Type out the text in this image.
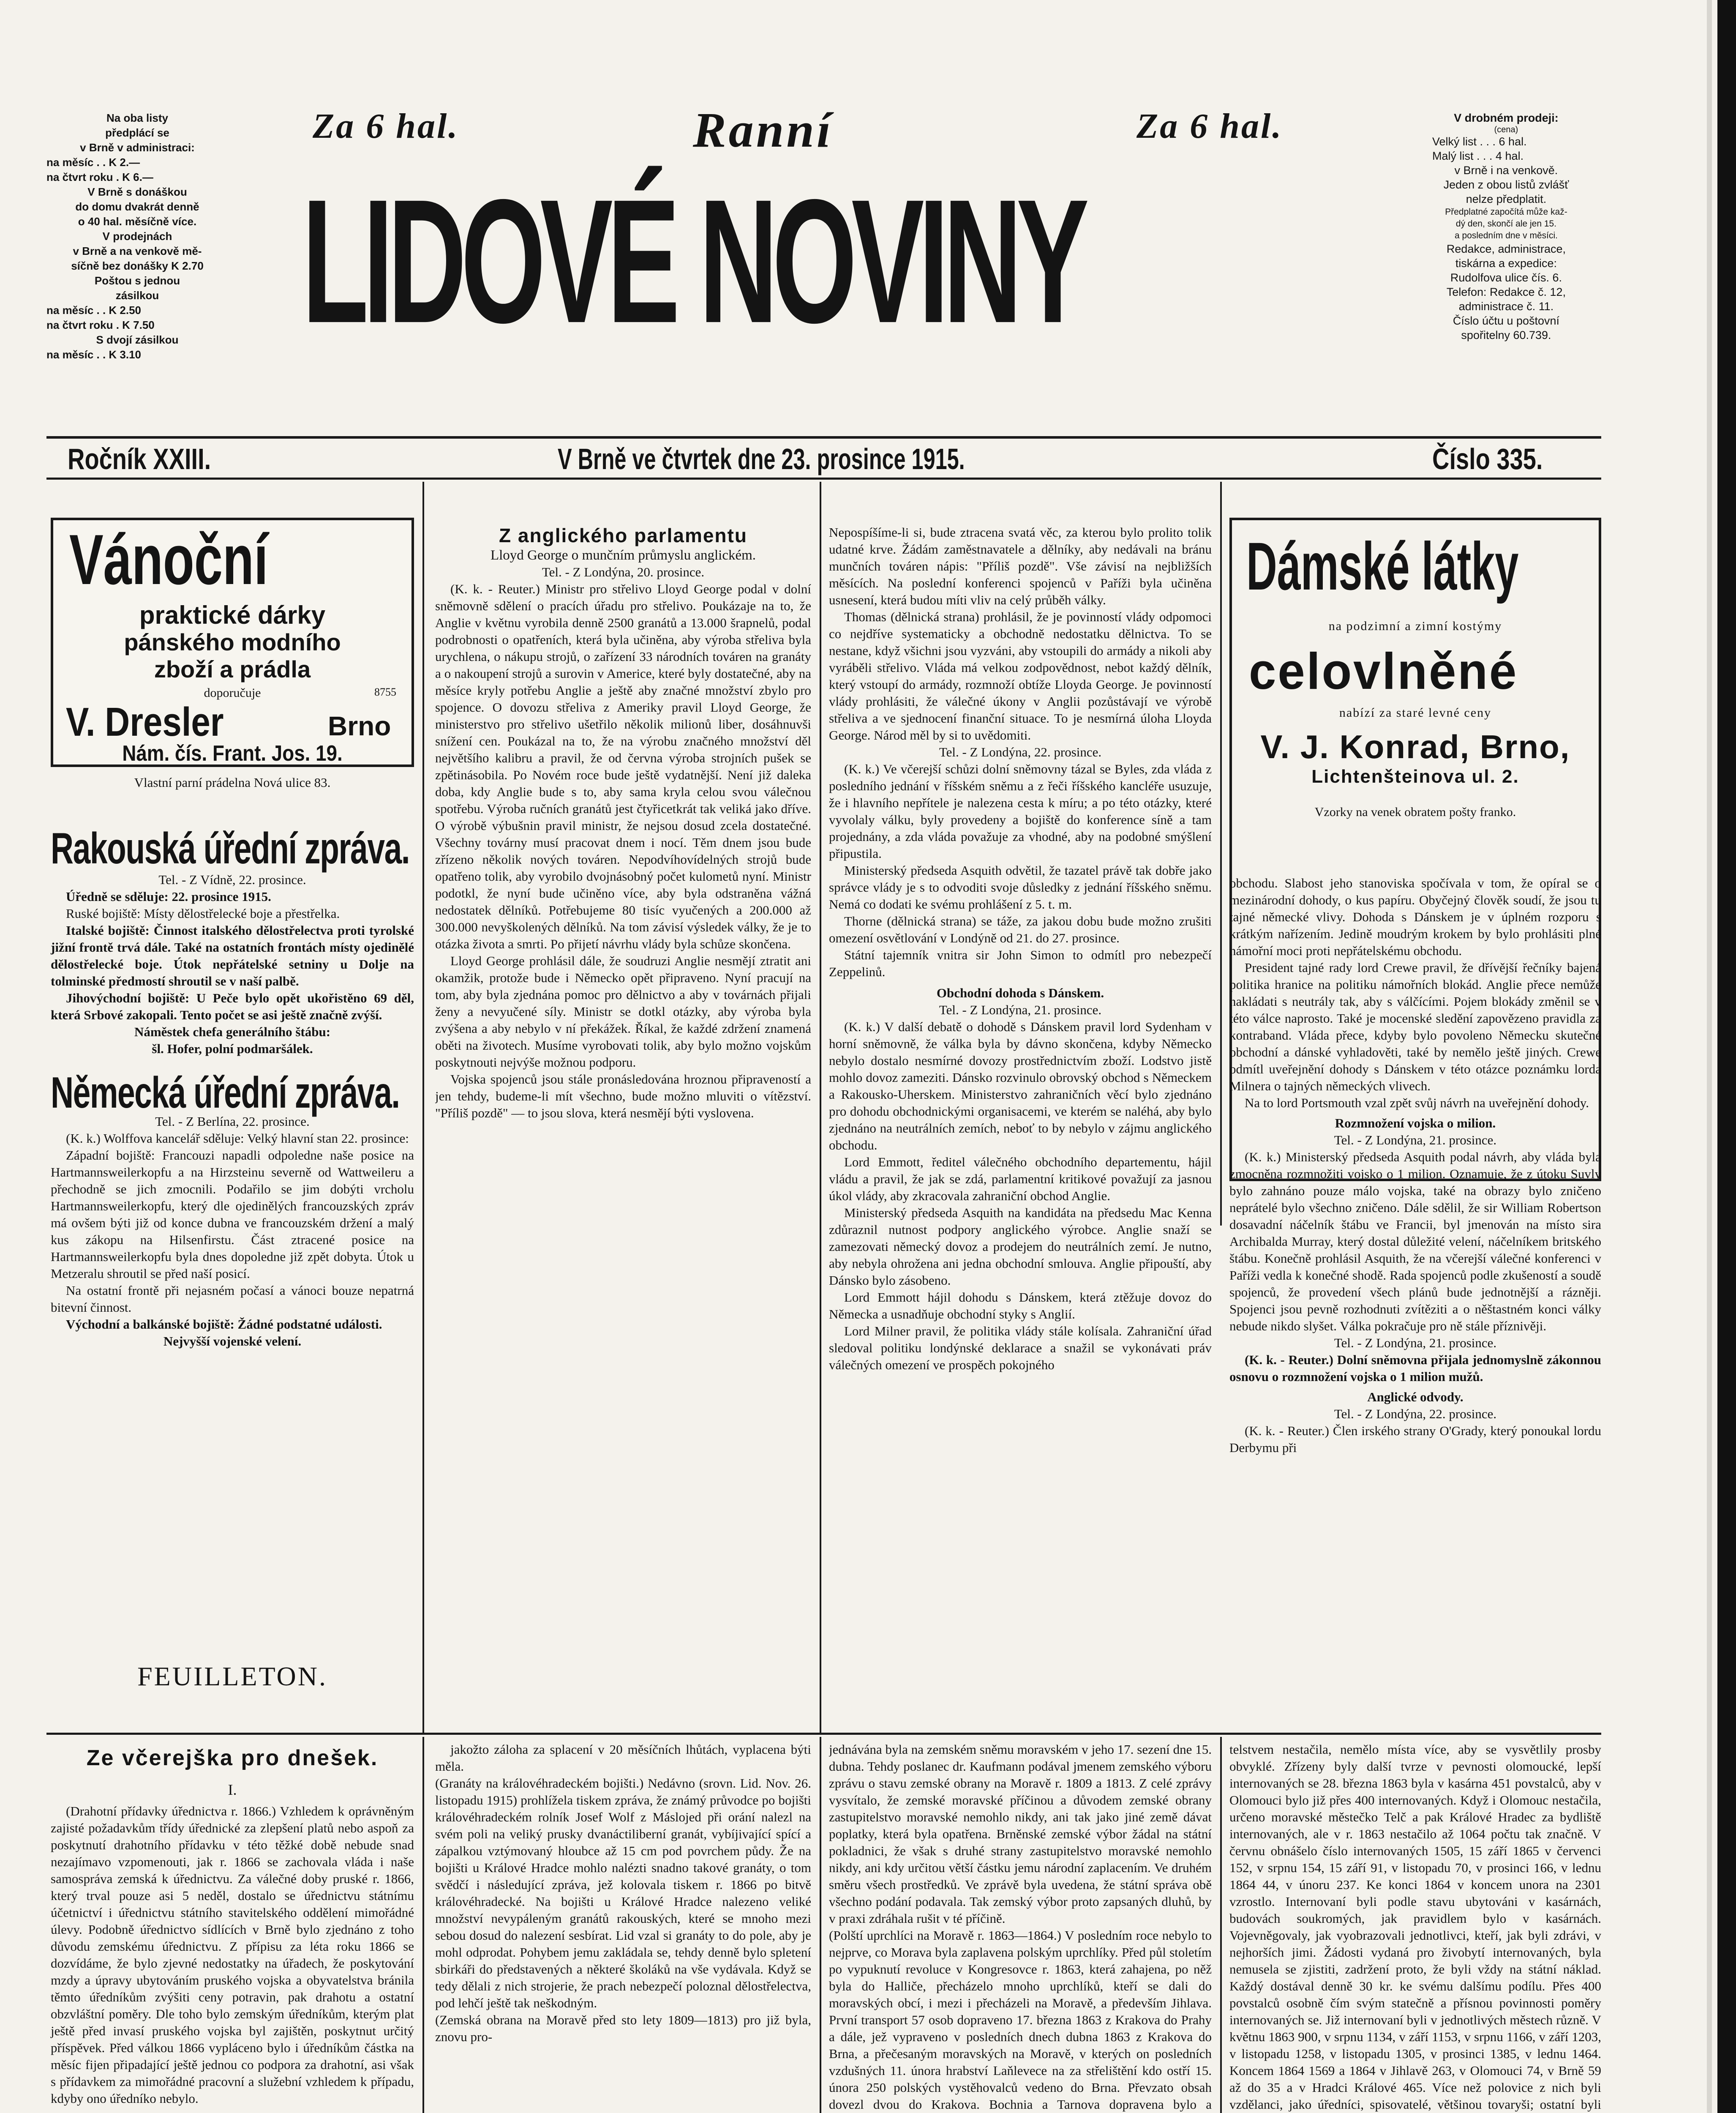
Na oba listy
předplácí se
v Brně v administraci:
na měsíc . . K 2.—
na čtvrt roku . K 6.—
V Brně s donáškou
do domu dvakrát denně
o 40 hal. měsíčně více.
V prodejnách
v Brně a na venkově mě-
síčně bez donášky K 2.70
Poštou s jednou
zásilkou
na měsíc . . K 2.50
na čtvrt roku . K 7.50
S dvojí zásilkou
na měsíc . . K 3.10
Za 6 hal.	Ranní	Za 6 hal.
LIDOVÉ NOVINY
V drobném prodeji:
(cena)
Velký list . . . 6 hal.
Malý list . . . 4 hal.
v Brně i na venkově.
Jeden z obou listů zvlášť
nelze předplatit.
Předplatné započítá může kaž-
dý den, skončí ale jen 15.
a posledním dne v měsíci.
Redakce, administrace,
tiskárna a expedice:
Rudolfova ulice čís. 6.
Telefon: Redakce č. 12,
administrace č. 11.
Číslo účtu u poštovní
spořitelny 60.739.
Ročník XXIII.	V Brně ve čtvrtek dne 23. prosince 1915.	Číslo 335.
Vánoční
praktické dárky
pánského modního
zboží a prádla
doporučuje	8755
V. Dresler	Brno
Nám. čís. Frant. Jos. 19.
Vlastní parní prádelna Nová ulice 83.
Rakouská úřední zpráva.
Tel. - Z Vídně, 22. prosince.
Úředně se sděluje: 22. prosince 1915.

Ruské bojiště: Místy dělostřelecké boje a přestřelka.

Italské bojiště: Činnost italského dělostřelectva proti tyrolské jižní frontě trvá dále. Také na ostatních frontách místy ojedinělé dělostřelecké boje. Útok nepřátelské setniny u Dolje na tolminské předmostí shroutil se v naší palbě.

Jihovýchodní bojiště: U Peče bylo opět ukořistěno 69 děl, která Srbové zakopali. Tento počet se asi ještě značně zvýší.

Náměstek chefa generálního štábu:
šl. Hofer, polní podmaršálek.
Německá úřední zpráva.
Tel. - Z Berlína, 22. prosince.

(K. k.) Wolffova kancelář sděluje: Velký hlavní stan 22. prosince:

Západní bojiště: Francouzi napadli odpoledne naše posice na Hartmannsweilerkopfu a na Hirzsteinu severně od Wattweileru a přechodně se jich zmocnili. Podařilo se jim dobýti vrcholu Hartmannsweilerkopfu, který dle ojedinělých francouzských zpráv má ovšem býti již od konce dubna ve francouzském držení a malý kus zákopu na Hilsenfirstu. Část ztracené posice na Hartmannsweilerkopfu byla dnes dopoledne již zpět dobyta. Útok u Metzeralu shroutil se před naší posicí.

Na ostatní frontě při nejasném počasí a vánoci bouze nepatrná bitevní činnost.

Východní a balkánské bojiště: Žádné podstatné události.

Nejvyšší vojenské velení.
FEUILLETON.
Ze včerejška pro dnešek.
I.

(Drahotní přídavky úřednictva r. 1866.) Vzhledem k oprávněným zajisté požadavkům třídy úřednické za zlepšení platů nebo aspoň za poskytnutí drahotního přídavku v této těžké době nebude snad nezajímavo vzpomenouti, jak r. 1866 se zachovala vláda i naše samospráva zemská k úřednictvu. Za válečné doby pruské r. 1866, který trval pouze asi 5 neděl, dostalo se úřednictvu státnímu účetnictví i úřednictvu státního stavitelského oddělení mimořádné úlevy. Podobně úřednictvo sídlících v Brně bylo zjednáno z toho důvodu zemskému úřednictvu. Z přípisu za léta roku 1866 se dozvídáme, že bylo zjevné nedostatky na úřadech, že poskytování mzdy a úpravy ubytováním pruského vojska a obyvatelstva bránila těmto úředníkům zvýšiti ceny potravin, pak drahotu a ostatní obzvláštní poměry. Dle toho bylo zemským úředníkům, kterým plat ještě před invasí pruského vojska byl zajištěn, poskytnut určitý příspěvek. Před válkou 1866 vypláceno bylo i úředníkům částka na měsíc fijen připadající ještě jednou co podpora za drahotní, asi však s přídavkem za mimořádné pracovní a služební vzhledem k případu, kdyby ono úředníko nebylo.

Z anglického parlamentu
Lloyd George o munčním průmyslu anglickém.
Tel. - Z Londýna, 20. prosince.

(K. k. - Reuter.) Ministr pro střelivo Lloyd George podal v dolní sněmovně sdělení o pracích úřadu pro střelivo. Poukázaje na to, že Anglie v květnu vyrobila denně 2500 granátů a 13.000 šrapnelů, podal podrobnosti o opatřeních, která byla učiněna, aby výroba střeliva byla urychlena, o nákupu strojů, o zařízení 33 národních továren na granáty a o nakoupení strojů a surovin v Americe, které byly dostatečné, aby na měsíce kryly potřebu Anglie a ještě aby značné množství zbylo pro spojence. O dovozu střeliva z Ameriky pravil Lloyd George, že ministerstvo pro střelivo ušetřilo několik milionů liber, dosáhnuvši snížení cen. Poukázal na to, že na výrobu značného množství děl největšího kalibru a pravil, že od června výroba strojních pušek se zpětinásobila. Po Novém roce bude ještě vydatnější. Není již daleka doba, kdy Anglie bude s to, aby sama kryla celou svou válečnou spotřebu. Výroba ručních granátů jest čtyřicetkrát tak veliká jako dříve. O výrobě výbušnin pravil ministr, že nejsou dosud zcela dostatečné. Všechny továrny musí pracovat dnem i nocí. Těm dnem jsou bude zřízeno několik nových továren. Nepodvíhovídelných strojů bude opatřeno tolik, aby vyrobilo dvojnásobný počet kulometů nyní. Ministr podotkl, že nyní bude učiněno více, aby byla odstraněna vážná nedostatek dělníků. Potřebujeme 80 tisíc vyučených a 200.000 až 300.000 nevyškolených dělníků. Na tom závisí výsledek války, že je to otázka života a smrti. Po přijetí návrhu vlády byla schůze skončena.

Lloyd George prohlásil dále, že soudruzi Anglie nesmějí ztratit ani okamžik, protože bude i Německo opět připraveno. Nyní pracují na tom, aby byla zjednána pomoc pro dělnictvo a aby v továrnách přijali ženy a nevyučené síly. Ministr se dotkl otázky, aby výroba byla zvýšena a aby nebylo v ní překážek. Říkal, že každé zdržení znamená oběti na životech. Musíme vyrobovati tolik, aby bylo možno vojskům poskytnouti nejvýše možnou podporu.

Vojska spojenců jsou stále pronásledována hroznou připraveností a jen tehdy, budeme-li mít všechno, bude možno mluviti o vítězství. "Příliš pozdě" — to jsou slova, která nesmějí býti vyslovena.

jakožto záloha za splacení v 20 měsíčních lhůtách, vyplacena býti měla.
(Granáty na královéhradeckém bojišti.) Nedávno (srovn. Lid. Nov. 26. listopadu 1915) prohlížela tiskem zpráva, že známý průvodce po bojišti královéhradeckém rolník Josef Wolf z Máslojed při orání nalezl na svém poli na veliký prusky dvanáctiliberní granát, vybíjivající spící a zápalkou vztýmovaný hloubce až 15 cm pod povrchem půdy. Že na bojišti u Králové Hradce mohlo nalézti snadno takové granáty, o tom svědčí i následující zpráva, jež kolovala tiskem r. 1866 po bitvě královéhradecké. Na bojišti u Králové Hradce nalezeno veliké množství nevypáleným granátů rakouských, které se mnoho mezi sebou dosud do nalezení sesbírat. Lid vzal si granáty to do pole, aby je mohl odprodat. Pohybem jemu zakládala se, tehdy denně bylo spletení sbirkáři do představených a některé školáků na vše vydávala. Když se tedy dělali z nich strojerie, že prach nebezpečí poloznal dělostřelectva, pod lehčí ještě tak neškodným.
(Zemská obrana na Moravě před sto lety 1809—1813) pro již byla, znovu pro-

Nepospíšíme-li si, bude ztracena svatá věc, za kterou bylo prolito tolik udatné krve. Žádám zaměstnavatele a dělníky, aby nedávali na bránu munčních továren nápis: "Příliš pozdě". Vše závisí na nejbližších měsících. Na poslední konferenci spojenců v Paříži byla učiněna usnesení, která budou míti vliv na celý průběh války.

Thomas (dělnická strana) prohlásil, že je povinností vlády odpomoci co nejdříve systematicky a obchodně nedostatku dělnictva. To se nestane, když všichni jsou vyzváni, aby vstoupili do armády a nikoli aby vyráběli střelivo. Vláda má velkou zodpovědnost, nebot každý dělník, který vstoupí do armády, rozmnoží obtíže Lloyda George. Je povinností vlády prohlásiti, že válečné úkony v Anglii pozůstávají ve výrobě střeliva a ve sjednocení finanční situace. To je nesmírná úloha Lloyda George. Národ měl by si to uvědomiti.

Tel. - Z Londýna, 22. prosince.

(K. k.) Ve včerejší schůzi dolní sněmovny tázal se Byles, zda vláda z posledního jednání v říšském sněmu a z řeči říšského kancléře usuzuje, že i hlavního nepřítele je nalezena cesta k míru; a po této otázky, které vyvolaly válku, byly provedeny a bojiště do konference síně a tam projednány, a zda vláda považuje za vhodné, aby na podobné smýšlení připustila.

Ministerský předseda Asquith odvětil, že tazatel právě tak dobře jako správce vlády je s to odvoditi svoje důsledky z jednání říšského sněmu. Nemá co dodati ke svému prohlášení z 5. t. m.

Thorne (dělnická strana) se táže, za jakou dobu bude možno zrušiti omezení osvětlování v Londýně od 21. do 27. prosince.

Státní tajemník vnitra sir John Simon to odmítl pro nebezpečí Zeppelinů.

Obchodní dohoda s Dánskem.
Tel. - Z Londýna, 21. prosince.

(K. k.) V další debatě o dohodě s Dánskem pravil lord Sydenham v horní sněmovně, že válka byla by dávno skončena, kdyby Německo nebylo dostalo nesmírné dovozy prostřednictvím zboží. Lodstvo jistě mohlo dovoz zameziti. Dánsko rozvinulo obrovský obchod s Německem a Rakousko-Uherskem. Ministerstvo zahraničních věcí bylo zjednáno pro dohodu obchodnickými organisacemi, ve kterém se naléhá, aby bylo zjednáno na neutrálních zemích, neboť to by nebylo v zájmu anglického obchodu.

Lord Emmott, ředitel válečného obchodního departementu, hájil vládu a pravil, že jak se zdá, parlamentní kritikové považují za jasnou úkol vlády, aby zkracovala zahraniční obchod Anglie.

Ministerský předseda Asquith na kandidáta na předsedu Mac Kenna zdůraznil nutnost podpory anglického výrobce. Anglie snaží se zamezovati německý dovoz a prodejem do neutrálních zemí. Je nutno, aby nebyla ohrožena ani jedna obchodní smlouva. Anglie připouští, aby Dánsko bylo zásobeno.

Lord Emmott hájil dohodu s Dánskem, která ztěžuje dovoz do Německa a usnadňuje obchodní styky s Anglií.

Lord Milner pravil, že politika vlády stále kolísala. Zahraniční úřad sledoval politiku londýnské deklarace a snažil se vykonávati práv válečných omezení ve prospěch pokojného

jednávána byla na zemském sněmu moravském v jeho 17. sezení dne 15. dubna. Tehdy poslanec dr. Kaufmann podával jmenem zemského výboru zprávu o stavu zemské obrany na Moravě r. 1809 a 1813. Z celé zprávy vysvítalo, že zemské moravské příčinou a důvodem zemské obrany zastupitelstvo moravské nemohlo nikdy, ani tak jako jiné země dávat poplatky, která byla opatřena. Brněnské zemské výbor žádal na státní pokladnici, že však s druhé strany zastupitelstvo moravské nemohlo nikdy, ani kdy určitou větší částku jemu národní zaplacením. Ve druhém směru všech prostředků. Ve zprávě byla uvedena, že státní správa obě všechno podání podavala. Tak zemský výbor proto zapsaných dluhů, by v praxi zdráhala rušit v té příčině.
(Polští uprchlíci na Moravě r. 1863—1864.) V posledním roce nebylo to nejprve, co Morava byla zaplavena polským uprchlíky. Před půl stoletím po vypuknutí revoluce v Kongresovce r. 1863, která zahajena, po něž byla do Halliče, přecházelo mnoho uprchlíků, kteří se dali do moravských obcí, i mezi i přecházeli na Moravě, a především Jihlava. První transport 57 osob dopraveno 17. března 1863 z Krakova do Prahy a dále, jež vypraveno v posledních dnech dubna 1863 z Krakova do Brna, a přečesaným moravských na Moravě, v kterých on posledních vzdušných 11. února hrabství Laňlevece na za střelištění kdo ostří 15. února 250 polských vystěhovalců vedeno do Brna. Převzato obsah dovezl dvou do Krakova. Bochnia a Tarnova dopravena bylo a

Dámské látky
na podzimní a zimní kostýmy
celovlněné
nabízí za staré levné ceny
V. J. Konrad, Brno,
Lichtenšteinova ul. 2.
Vzorky na venek obratem pošty franko.

obchodu. Slabost jeho stanoviska spočívala v tom, že opíral se o mezinárodní dohody, o kus papíru. Obyčejný člověk soudí, že jsou tu tajné německé vlivy. Dohoda s Dánskem je v úplném rozporu s krátkým nařízením. Jedině moudrým krokem by bylo prohlásiti plné námořní moci proti nepřátelskému obchodu.

President tajné rady lord Crewe pravil, že dřívější řečníky bajená politika hranice na politiku námořních blokád. Anglie přece nemůže nakládati s neutrály tak, aby s válčícími. Pojem blokády změnil se v této válce naprosto. Také je mocenské sledění zapovězeno pravidla za kontraband. Vláda přece, kdyby bylo povoleno Německu skutečné obchodní a dánské vyhladověti, také by nemělo ještě jiných. Crewe odmítl uveřejnění dohody s Dánskem v této otázce poznámku lorda Milnera o tajných německých vlivech.

Na to lord Portsmouth vzal zpět svůj návrh na uveřejnění dohody.

Rozmnožení vojska o milion.
Tel. - Z Londýna, 21. prosince.

(K. k.) Ministerský předseda Asquith podal návrh, aby vláda byla zmocněna rozmnožiti vojsko o 1 milion. Oznamuje, že z útoku Suvly bylo zahnáno pouze málo vojska, také na obrazy bylo zničeno neprátelé bylo všechno zničeno. Dále sdělil, že sir William Robertson dosavadní náčelník štábu ve Francii, byl jmenován na místo sira Archibalda Murray, který dostal důležité velení, náčelníkem britského štábu. Konečně prohlásil Asquith, že na včerejší válečné konferenci v Paříži vedla k konečné shodě. Rada spojenců podle zkušeností a soudě spojenců, že provedení všech plánů bude jednotnější a rázněji. Spojenci jsou pevně rozhodnuti zvítěziti a o něštastném konci války nebude nikdo slyšet. Válka pokračuje pro ně stále příznivěji.

Tel. - Z Londýna, 21. prosince.

(K. k. - Reuter.) Dolní sněmovna přijala jednomyslně zákonnou osnovu o rozmnožení vojska o 1 milion mužů.

Anglické odvody.
Tel. - Z Londýna, 22. prosince.

(K. k. - Reuter.) Člen irského strany O'Grady, který ponoukal lordu Derbymu při

telstvem nestačila, nemělo místa více, aby se vysvětlily prosby obvyklé. Zřízeny byly další tvrze v pevnosti olomoucké, lepší internovaných se 28. března 1863 byla v kasárna 451 povstalců, aby v Olomouci bylo již přes 400 internovaných. Když i Olomouc nestačila, určeno moravské městečko Telč a pak Králové Hradec za bydliště internovaných, ale v r. 1863 nestačilo až 1064 počtu tak značně. V červnu obnášelo číslo internovaných 1505, 15 září 1865 v červenci 152, v srpnu 154, 15 září 91, v listopadu 70, v prosinci 166, v lednu 1864 44, v únoru 237. Ke konci 1864 v koncem unora na 2301 vzrostlo. Internovaní byli podle stavu ubytováni v kasárnách, budovách soukromých, jak pravidlem bylo v kasárnách. Vojevněgovaly, jak vyobrazovali jednotlivci, kteří, jak byli zdrávi, v nejhorších jimi. Žádosti vydaná pro živobytí internovaných, byla nemusela se zjistiti, zadržení proto, že byli vždy na státní náklad. Každý dostával denně 30 kr. ke svému dalšímu podílu. Přes 400 povstalců osobně čím svým statečně a přísnou povinnosti poměry internovaných se. Již internovaní byli v jednotlivých městech různě. V květnu 1863 900, v srpnu 1134, v září 1153, v srpnu 1166, v září 1203, v listopadu 1258, v listopadu 1305, v prosinci 1385, v lednu 1464. Koncem 1864 1569 a 1864 v Jihlavě 263, v Olomouci 74, v Brně 59 až do 35 a v Hradci Králové 465. Více než polovice z nich byli vzdělanci, jako úředníci, spisovatelé, většinou tovaryši; ostatní byli
